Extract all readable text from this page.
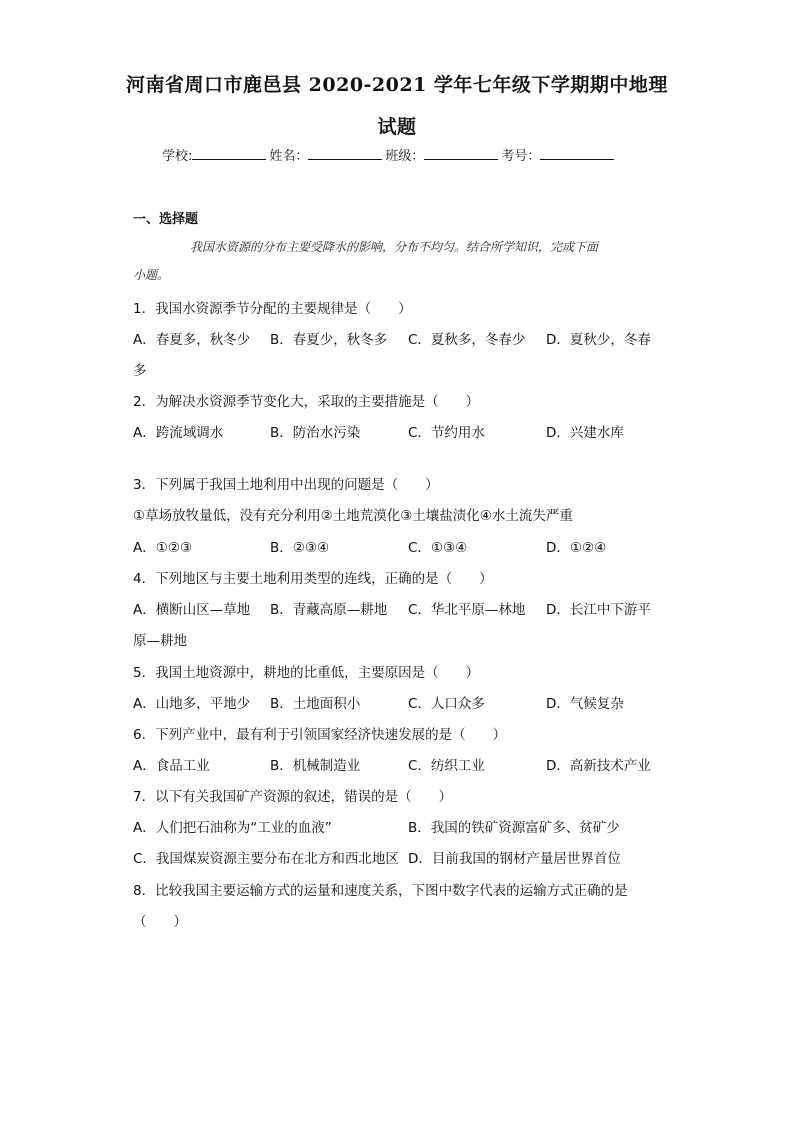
河南省周口市鹿邑县 2020-2021 学年七年级下学期期中地理
试题
学校:	姓名：	班级：	考号：
一、选择题
我国水资源的分布主要受降水的影响，分布不均匀。结合所学知识，完成下面
小题。
1．我国水资源季节分配的主要规律是（　　）
A．春夏多，秋冬少 B．春夏少，秋冬多 C．夏秋多，冬春少 D．夏秋少，冬春
多
2．为解决水资源季节变化大，采取的主要措施是（　　）
A．跨流域调水	B．防治水污染	C．节约用水	D．兴建水库
3．下列属于我国土地利用中出现的问题是（　　）
①草场放牧量低，没有充分利用②土地荒漠化③土壤盐渍化④水土流失严重
A．①②③	B．②③④	C．①③④	D．①②④
4．下列地区与主要土地利用类型的连线，正确的是（　　）
A．横断山区—草地 B．青藏高原—耕地 C．华北平原—林地 D．长江中下游平
原—耕地
5．我国土地资源中，耕地的比重低，主要原因是（　　）
A．山地多，平地少 B．土地面积小	C．人口众多	D．气候复杂
6．下列产业中，最有利于引领国家经济快速发展的是（　　）
A．食品工业	B．机械制造业	C．纺织工业	D．高新技术产业
7．以下有关我国矿产资源的叙述，错误的是（　　）
A．人们把石油称为“工业的血液”	B．我国的铁矿资源富矿多、贫矿少
C．我国煤炭资源主要分布在北方和西北地区 D．目前我国的钢材产量居世界首位
8．比较我国主要运输方式的运量和速度关系，下图中数字代表的运输方式正确的是
（　　）
